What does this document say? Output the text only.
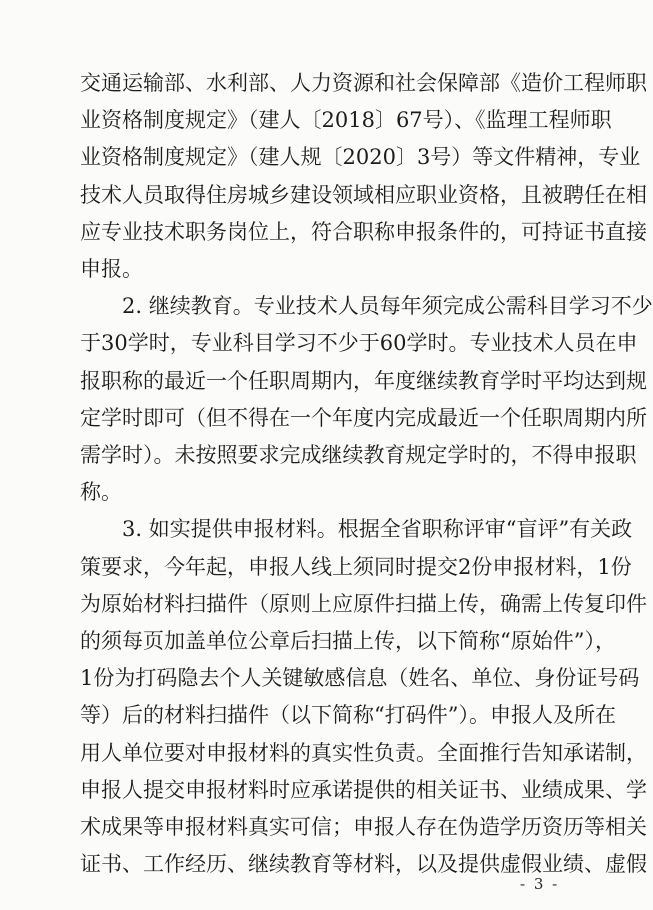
交通运输部、水利部、人力资源和社会保障部《造价工程师职
业资格制度规定》（建人〔2018〕67号）、《监理工程师职
业资格制度规定》（建人规〔2020〕3号）等文件精神，专业
技术人员取得住房城乡建设领域相应职业资格，且被聘任在相
应专业技术职务岗位上，符合职称申报条件的，可持证书直接
申报。
2. 继续教育。专业技术人员每年须完成公需科目学习不少
于30学时，专业科目学习不少于60学时。专业技术人员在申
报职称的最近一个任职周期内，年度继续教育学时平均达到规
定学时即可（但不得在一个年度内完成最近一个任职周期内所
需学时）。未按照要求完成继续教育规定学时的，不得申报职
称。
3. 如实提供申报材料。根据全省职称评审“盲评”有关政
策要求，今年起，申报人线上须同时提交2份申报材料，1份
为原始材料扫描件（原则上应原件扫描上传，确需上传复印件
的须每页加盖单位公章后扫描上传，以下简称“原始件”），
1份为打码隐去个人关键敏感信息（姓名、单位、身份证号码
等）后的材料扫描件（以下简称“打码件”）。申报人及所在
用人单位要对申报材料的真实性负责。全面推行告知承诺制，
申报人提交申报材料时应承诺提供的相关证书、业绩成果、学
术成果等申报材料真实可信；申报人存在伪造学历资历等相关
证书、工作经历、继续教育等材料，以及提供虚假业绩、虚假
- 3 -
